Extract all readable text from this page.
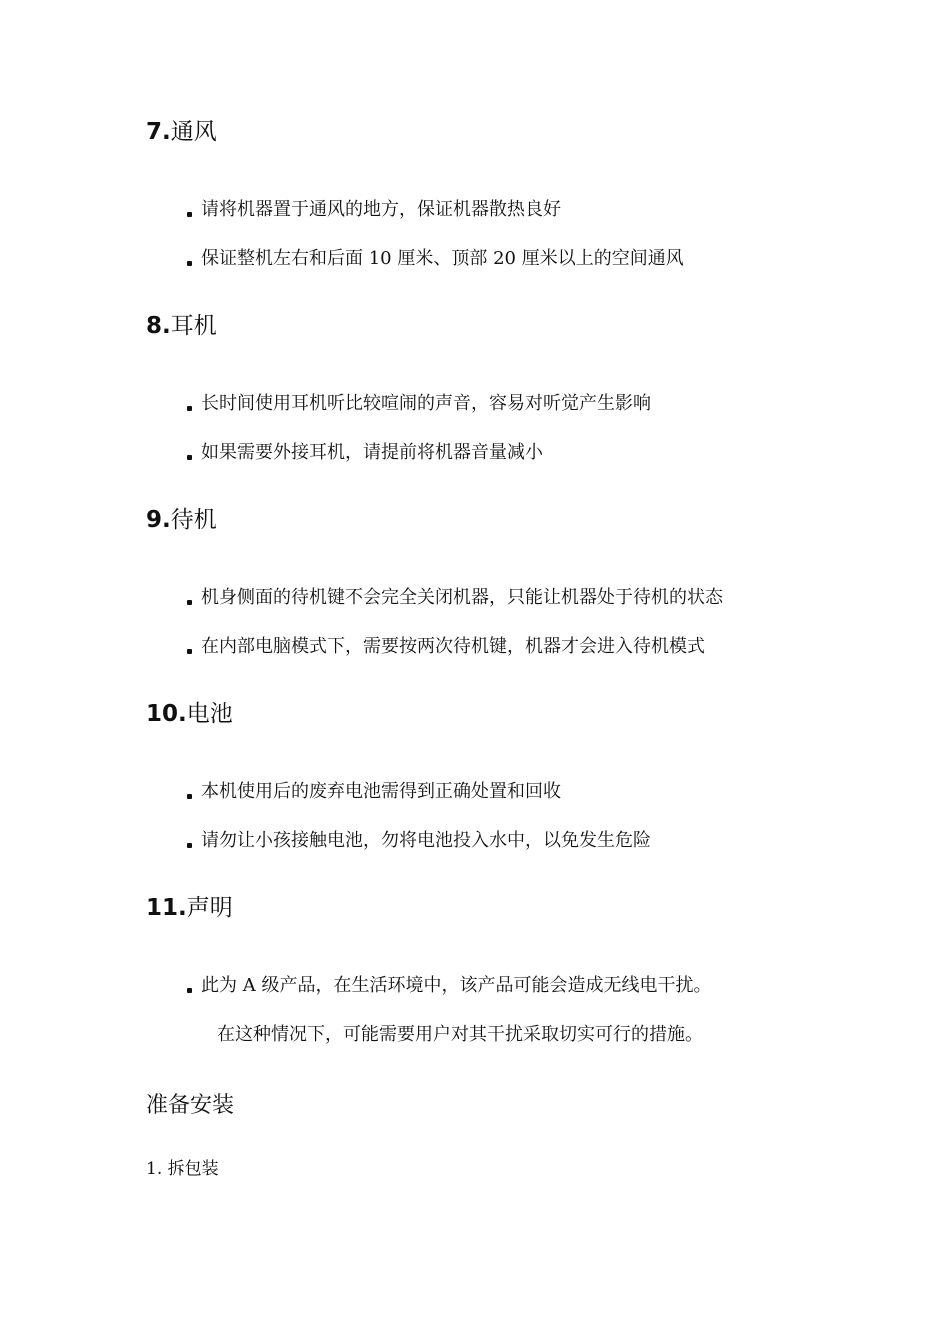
7.通风
请将机器置于通风的地方，保证机器散热良好
保证整机左右和后面 10 厘米、顶部 20 厘米以上的空间通风
8.耳机
长时间使用耳机听比较喧闹的声音，容易对听觉产生影响
如果需要外接耳机，请提前将机器音量减小
9.待机
机身侧面的待机键不会完全关闭机器，只能让机器处于待机的状态
在内部电脑模式下，需要按两次待机键，机器才会进入待机模式
10.电池
本机使用后的废弃电池需得到正确处置和回收
请勿让小孩接触电池，勿将电池投入水中，以免发生危险
11.声明
此为 A 级产品，在生活环境中，该产品可能会造成无线电干扰。
在这种情况下，可能需要用户对其干扰采取切实可行的措施。
准备安装
1. 拆包装
